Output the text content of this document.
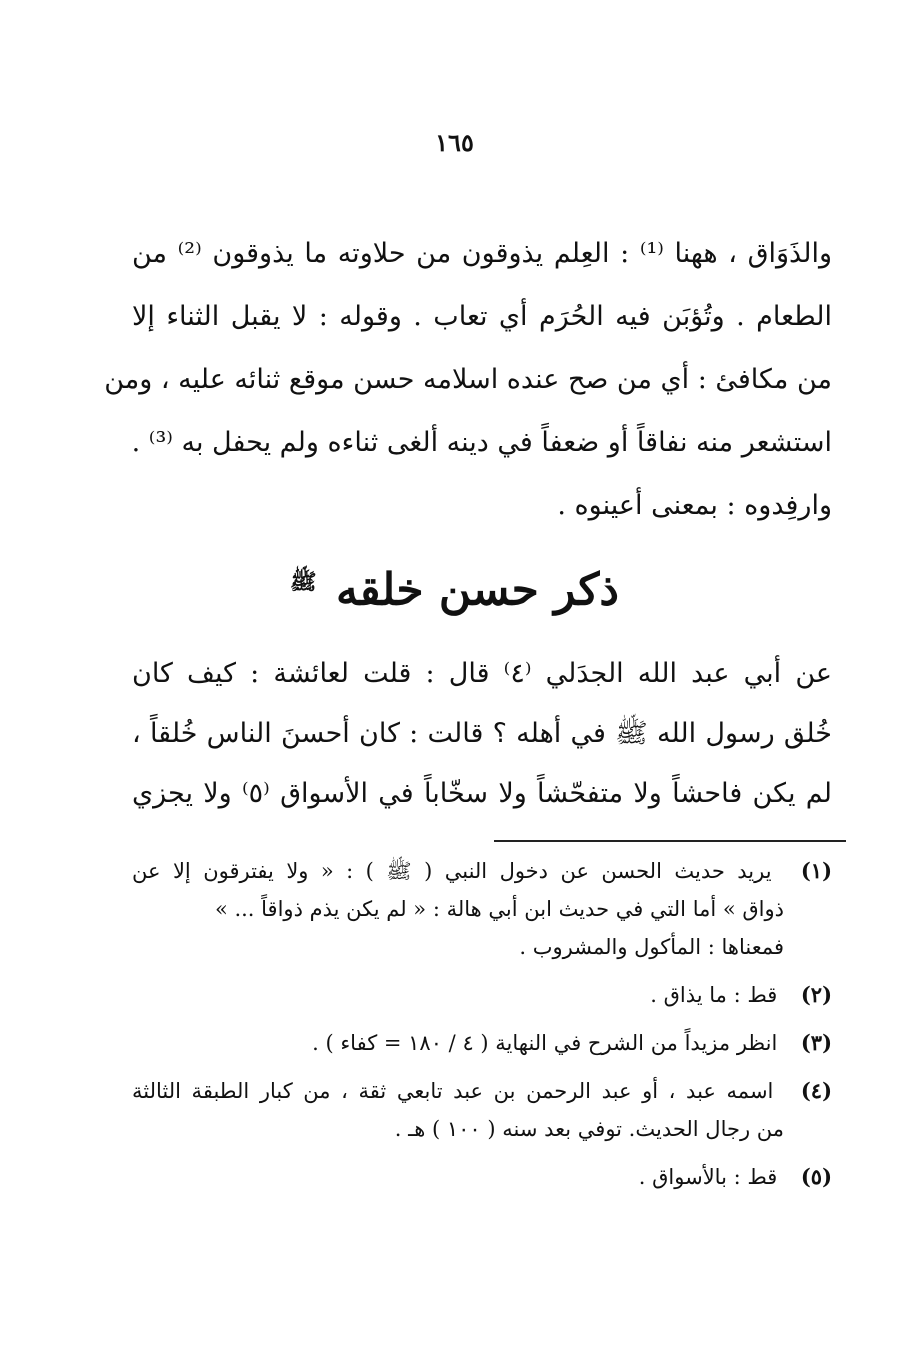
١٦٥
والذَوَاق ، ههنا ⁽¹⁾ : العِلم يذوقون من حلاوته ما يذوقون ⁽²⁾ من
الطعام . وتُؤبَن فيه الحُرَم أي تعاب . وقوله : لا يقبل الثناء إلا
من مكافئ : أي من صح عنده اسلامه حسن موقع ثنائه عليه ، ومن
استشعر منه نفاقاً أو ضعفاً في دينه ألغى ثناءه ولم يحفل به ⁽³⁾ .
وارفِدوه : بمعنى أعينوه .
ذكر حسن خلقه $^ﷺ$
عن أبي عبد الله الجدَلي ⁽٤⁾ قال : قلت لعائشة : كيف كان
خُلق رسول الله ﷺ في أهله ؟ قالت : كان أحسنَ الناس خُلقاً ،
لم يكن فاحشاً ولا متفحّشاً ولا سخّاباً في الأسواق ⁽٥⁾ ولا يجزي
(١) يريد حديث الحسن عن دخول النبي ( ﷺ ) : « ولا يفترقون إلا عن
ذواق » أما التي في حديث ابن أبي هالة : « لم يكن يذم ذواقاً ... »
فمعناها : المأكول والمشروب .
(٢) قط : ما يذاق .
(٣) انظر مزيداً من الشرح في النهاية ( ٤ / ١٨٠ = كفاء ) .
(٤) اسمه عبد ، أو عبد الرحمن بن عبد تابعي ثقة ، من كبار الطبقة الثالثة
من رجال الحديث. توفي بعد سنه ( ١٠٠ ) هـ .
(٥) قط : بالأسواق .
